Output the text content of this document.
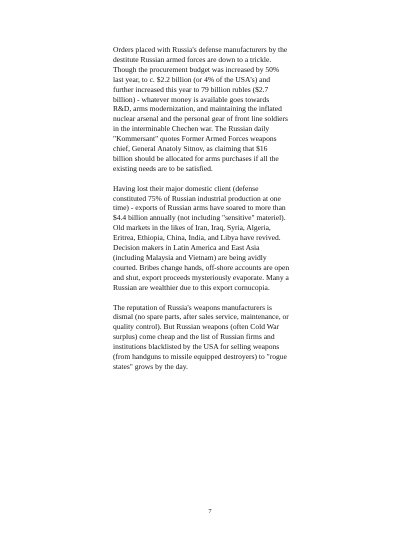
Orders placed with Russia's defense manufacturers by the
destitute Russian armed forces are down to a trickle.
Though the procurement budget was increased by 50%
last year, to c. $2.2 billion (or 4% of the USA's) and
further increased this year to 79 billion rubles ($2.7
billion) - whatever money is available goes towards
R&D, arms modernization, and maintaining the inflated
nuclear arsenal and the personal gear of front line soldiers
in the interminable Chechen war. The Russian daily
"Kommersant" quotes Former Armed Forces weapons
chief, General Anatoly Sitnov, as claiming that $16
billion should be allocated for arms purchases if all the
existing needs are to be satisfied.

Having lost their major domestic client (defense
constituted 75% of Russian industrial production at one
time) - exports of Russian arms have soared to more than
$4.4 billion annually (not including "sensitive" materiel).
Old markets in the likes of Iran, Iraq, Syria, Algeria,
Eritrea, Ethiopia, China, India, and Libya have revived.
Decision makers in Latin America and East Asia
(including Malaysia and Vietnam) are being avidly
courted. Bribes change hands, off-shore accounts are open
and shut, export proceeds mysteriously evaporate. Many a
Russian are wealthier due to this export cornucopia.

The reputation of Russia's weapons manufacturers is
dismal (no spare parts, after sales service, maintenance, or
quality control). But Russian weapons (often Cold War
surplus) come cheap and the list of Russian firms and
institutions blacklisted by the USA for selling weapons
(from handguns to missile equipped destroyers) to "rogue
states" grows by the day.

7
